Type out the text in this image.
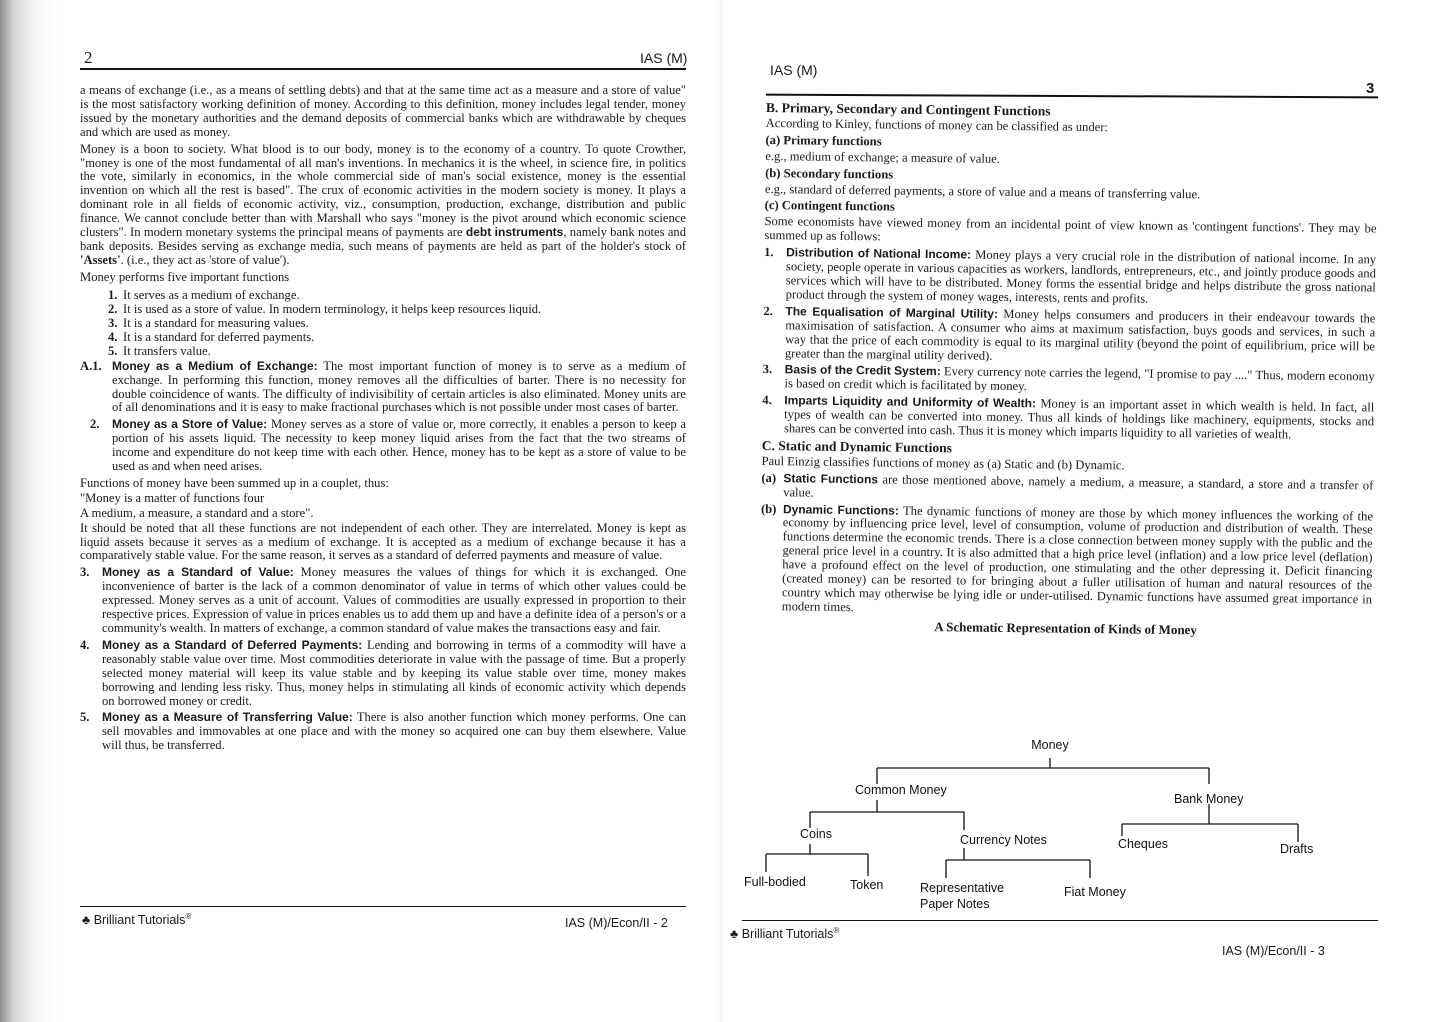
2	IAS (M)

a means of exchange (i.e., as a means of settling debts) and that at the same time act as a measure and a store of value" is the most satisfactory working definition of money. According to this definition, money includes legal tender, money issued by the monetary authorities and the demand deposits of commercial banks which are withdrawable by cheques and which are used as money.

Money is a boon to society. What blood is to our body, money is to the economy of a country. To quote Crowther, "money is one of the most fundamental of all man's inventions. In mechanics it is the wheel, in science fire, in politics the vote, similarly in economics, in the whole commercial side of man's social existence, money is the essential invention on which all the rest is based". The crux of economic activities in the modern society is money. It plays a dominant role in all fields of economic activity, viz., consumption, production, exchange, distribution and public finance. We cannot conclude better than with Marshall who says "money is the pivot around which economic science clusters". In modern monetary systems the principal means of payments are debt instruments, namely bank notes and bank deposits. Besides serving as exchange media, such means of payments are held as part of the holder's stock of 'Assets'. (i.e., they act as 'store of value').

Money performs five important functions

1. It serves as a medium of exchange.
2. It is used as a store of value. In modern terminology, it helps keep resources liquid.
3. It is a standard for measuring values.
4. It is a standard for deferred payments.
5. It transfers value.
A.1. Money as a Medium of Exchange: The most important function of money is to serve as a medium of exchange. In performing this function, money removes all the difficulties of barter. There is no necessity for double coincidence of wants. The difficulty of indivisibility of certain articles is also eliminated. Money units are of all denominations and it is easy to make fractional purchases which is not possible under most cases of barter.
2.	Money as a Store of Value: Money serves as a store of value or, more correctly, it enables a person to keep a portion of his assets liquid. The necessity to keep money liquid arises from the fact that the two streams of income and expenditure do not keep time with each other. Hence, money has to be kept as a store of value to be used as and when need arises.

Functions of money have been summed up in a couplet, thus:

"Money is a matter of functions four

A medium, a measure, a standard and a store".

It should be noted that all these functions are not independent of each other. They are interrelated. Money is kept as liquid assets because it serves as a medium of exchange. It is accepted as a medium of exchange because it has a comparatively stable value. For the same reason, it serves as a standard of deferred payments and measure of value.

3.	Money as a Standard of Value: Money measures the values of things for which it is exchanged. One inconvenience of barter is the lack of a common denominator of value in terms of which other values could be expressed. Money serves as a unit of account. Values of commodities are usually expressed in proportion to their respective prices. Expression of value in prices enables us to add them up and have a definite idea of a person's or a community's wealth. In matters of exchange, a common standard of value makes the transactions easy and fair.
4.	Money as a Standard of Deferred Payments: Lending and borrowing in terms of a commodity will have a reasonably stable value over time. Most commodities deteriorate in value with the passage of time. But a properly selected money material will keep its value stable and by keeping its value stable over time, money makes borrowing and lending less risky. Thus, money helps in stimulating all kinds of economic activity which depends on borrowed money or credit.
5.	Money as a Measure of Transferring Value: There is also another function which money performs. One can sell movables and immovables at one place and with the money so acquired one can buy them elsewhere. Value will thus, be transferred.
♣ Brilliant Tutorials®	IAS (M)/Econ/II - 2
IAS (M)
3

B. Primary, Secondary and Contingent Functions

According to Kinley, functions of money can be classified as under:

(a) Primary functions

e.g., medium of exchange; a measure of value.

(b) Secondary functions

e.g., standard of deferred payments, a store of value and a means of transferring value.

(c) Contingent functions

Some economists have viewed money from an incidental point of view known as 'contingent functions'. They may be summed up as follows:

1.	Distribution of National Income: Money plays a very crucial role in the distribution of national income. In any society, people operate in various capacities as workers, landlords, entrepreneurs, etc., and jointly produce goods and services which will have to be distributed. Money forms the essential bridge and helps distribute the gross national product through the system of money wages, interests, rents and profits.
2.	The Equalisation of Marginal Utility: Money helps consumers and producers in their endeavour towards the maximisation of satisfaction. A consumer who aims at maximum satisfaction, buys goods and services, in such a way that the price of each commodity is equal to its marginal utility (beyond the point of equilibrium, price will be greater than the marginal utility derived).
3.	Basis of the Credit System: Every currency note carries the legend, "I promise to pay ...." Thus, modern economy is based on credit which is facilitated by money.
4.	Imparts Liquidity and Uniformity of Wealth: Money is an important asset in which wealth is held. In fact, all types of wealth can be converted into money. Thus all kinds of holdings like machinery, equipments, stocks and shares can be converted into cash. Thus it is money which imparts liquidity to all varieties of wealth.

C. Static and Dynamic Functions

Paul Einzig classifies functions of money as (a) Static and (b) Dynamic.

(a) Static Functions are those mentioned above, namely a medium, a measure, a standard, a store and a transfer of value.
(b) Dynamic Functions: The dynamic functions of money are those by which money influences the working of the economy by influencing price level, level of consumption, volume of production and distribution of wealth. These functions determine the economic trends. There is a close connection between money supply with the public and the general price level in a country. It is also admitted that a high price level (inflation) and a low price level (deflation) have a profound effect on the level of production, one stimulating and the other depressing it. Deficit financing (created money) can be resorted to for bringing about a fuller utilisation of human and natural resources of the country which may otherwise be lying idle or under-utilised. Dynamic functions have assumed great importance in modern times.

A Schematic Representation of Kinds of Money

Money
Common Money
Bank Money
Coins	Currency Notes	Cheques	Drafts
Full-bodied	Token	Representative
Paper Notes
Fiat Money
♣ Brilliant Tutorials®
IAS (M)/Econ/II - 3
